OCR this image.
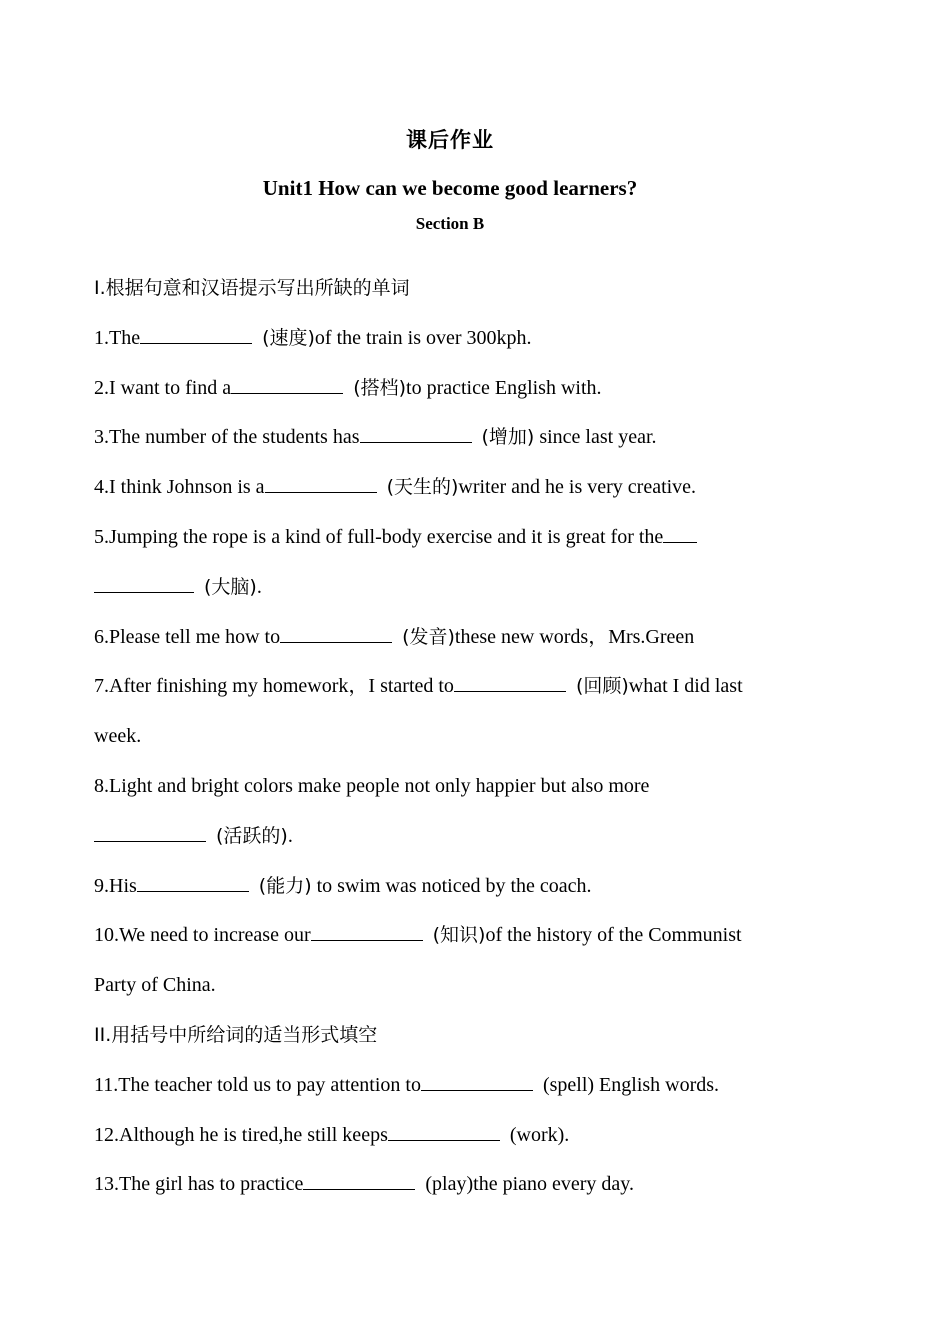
课后作业
Unit1 How can we become good learners?
Section B
I.根据句意和汉语提示写出所缺的单词
1.The	(速度)of the train is over 300kph.
2.I want to find a	(搭档)to practice English with.
3.The number of the students has	(增加) since last year.
4.I think Johnson is a	(天生的)writer and he is very creative.
5.Jumping the rope is a kind of full-body exercise and it is great for the
(大脑).
6.Please tell me how to	(发音)these new words，Mrs.Green
7.After finishing my homework，I started to	(回顾)what I did last
week.
8.Light and bright colors make people not only happier but also more
(活跃的).
9.His	(能力) to swim was noticed by the coach.
10.We need to increase our	(知识)of the history of the Communist
Party of China.
II.用括号中所给词的适当形式填空
11.The teacher told us to pay attention to	(spell) English words.
12.Although he is tired,he still keeps	(work).
13.The girl has to practice	(play)the piano every day.
